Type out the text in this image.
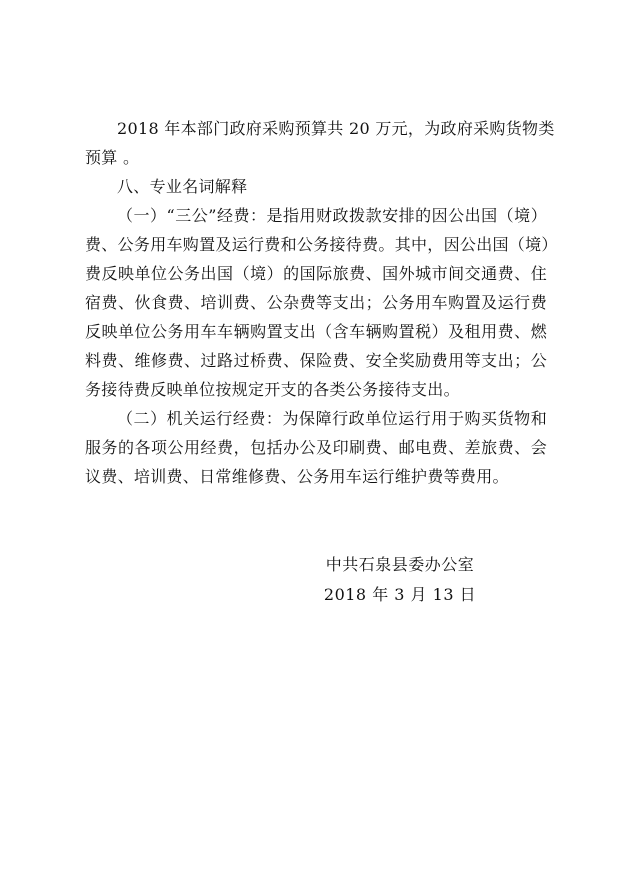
2018 年本部门政府采购预算共 20 万元，为政府采购货物类
预算 。
八、专业名词解释
（一）“三公”经费：是指用财政拨款安排的因公出国（境）
费、公务用车购置及运行费和公务接待费。其中，因公出国（境）
费反映单位公务出国（境）的国际旅费、国外城市间交通费、住
宿费、伙食费、培训费、公杂费等支出；公务用车购置及运行费
反映单位公务用车车辆购置支出（含车辆购置税）及租用费、燃
料费、维修费、过路过桥费、保险费、安全奖励费用等支出；公
务接待费反映单位按规定开支的各类公务接待支出。
（二）机关运行经费：为保障行政单位运行用于购买货物和
服务的各项公用经费，包括办公及印刷费、邮电费、差旅费、会
议费、培训费、日常维修费、公务用车运行维护费等费用。
中共石泉县委办公室
2018 年 3 月 13 日
